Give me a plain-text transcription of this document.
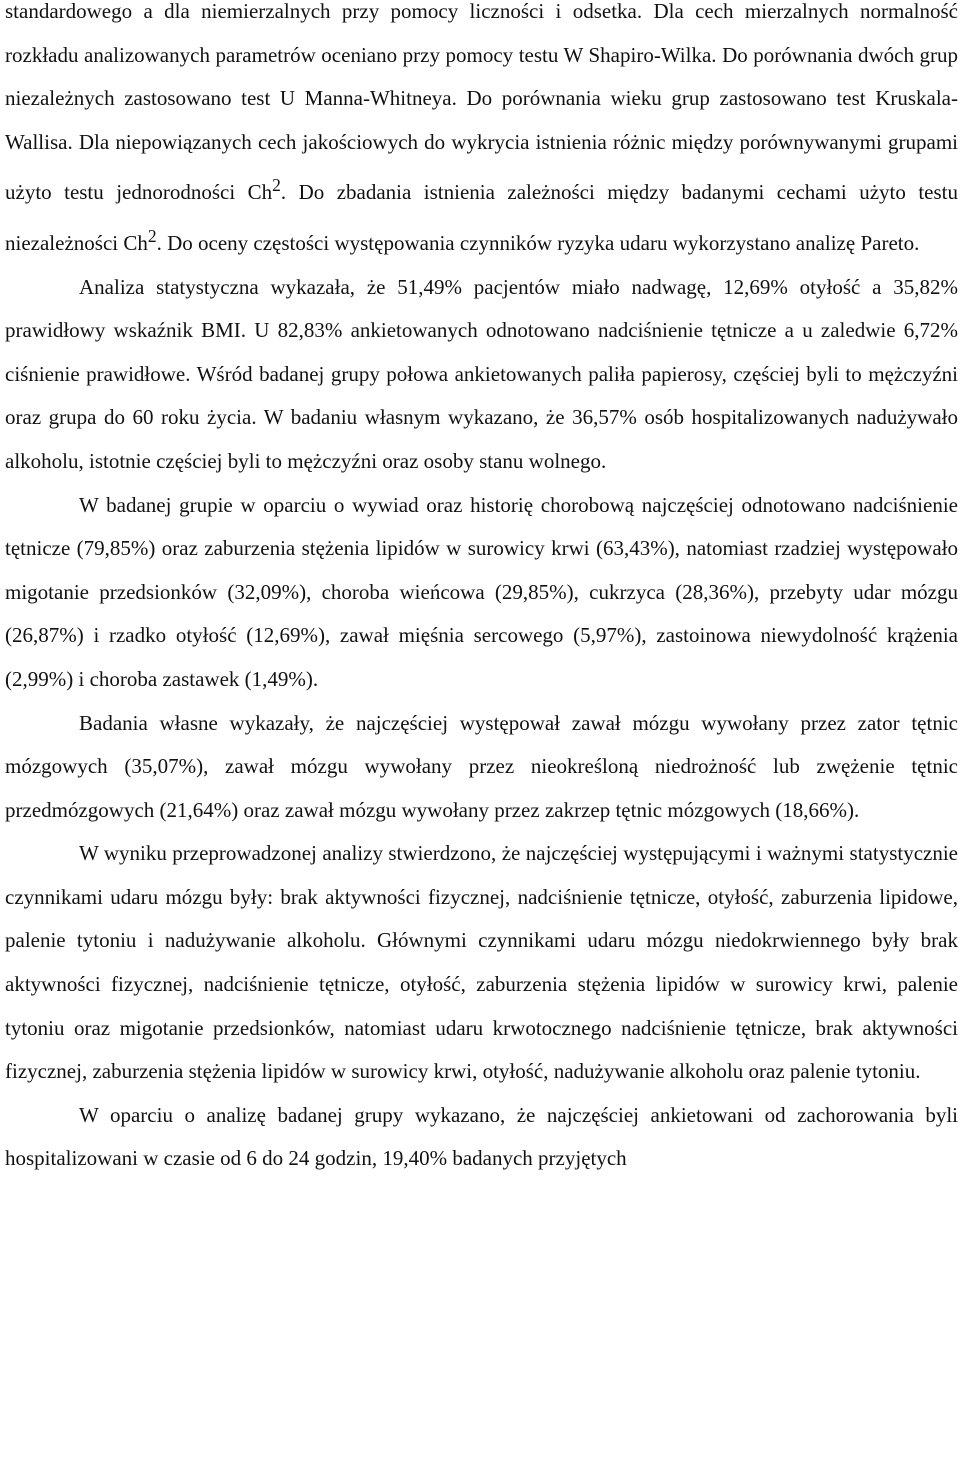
standardowego a dla niemierzalnych przy pomocy liczności i odsetka. Dla cech mierzalnych normalność rozkładu analizowanych parametrów oceniano przy pomocy testu W Shapiro-Wilka. Do porównania dwóch grup niezależnych zastosowano test U Manna-Whitneya. Do porównania wieku grup zastosowano test Kruskala-Wallisa. Dla niepowiązanych cech jakościowych do wykrycia istnienia różnic między porównywanymi grupami użyto testu jednorodności Ch$^2$. Do zbadania istnienia zależności między badanymi cechami użyto testu niezależności Ch$^2$. Do oceny częstości występowania czynników ryzyka udaru wykorzystano analizę Pareto.

Analiza statystyczna wykazała, że 51,49% pacjentów miało nadwagę, 12,69% otyłość a 35,82% prawidłowy wskaźnik BMI. U 82,83% ankietowanych odnotowano nadciśnienie tętnicze a u zaledwie 6,72% ciśnienie prawidłowe. Wśród badanej grupy połowa ankietowanych paliła papierosy, częściej byli to mężczyźni oraz grupa do 60 roku życia. W badaniu własnym wykazano, że 36,57% osób hospitalizowanych nadużywało alkoholu, istotnie częściej byli to mężczyźni oraz osoby stanu wolnego.

W badanej grupie w oparciu o wywiad oraz historię chorobową najczęściej odnotowano nadciśnienie tętnicze (79,85%) oraz zaburzenia stężenia lipidów w surowicy krwi (63,43%), natomiast rzadziej występowało migotanie przedsionków (32,09%), choroba wieńcowa (29,85%), cukrzyca (28,36%), przebyty udar mózgu (26,87%) i rzadko otyłość (12,69%), zawał mięśnia sercowego (5,97%), zastoinowa niewydolność krążenia (2,99%) i choroba zastawek (1,49%).

Badania własne wykazały, że najczęściej występował zawał mózgu wywołany przez zator tętnic mózgowych (35,07%), zawał mózgu wywołany przez nieokreśloną niedrożność lub zwężenie tętnic przedmózgowych (21,64%) oraz zawał mózgu wywołany przez zakrzep tętnic mózgowych (18,66%).

W wyniku przeprowadzonej analizy stwierdzono, że najczęściej występującymi i ważnymi statystycznie czynnikami udaru mózgu były: brak aktywności fizycznej, nadciśnienie tętnicze, otyłość, zaburzenia lipidowe, palenie tytoniu i nadużywanie alkoholu. Głównymi czynnikami udaru mózgu niedokrwiennego były brak aktywności fizycznej, nadciśnienie tętnicze, otyłość, zaburzenia stężenia lipidów w surowicy krwi, palenie tytoniu oraz migotanie przedsionków, natomiast udaru krwotocznego nadciśnienie tętnicze, brak aktywności fizycznej, zaburzenia stężenia lipidów w surowicy krwi, otyłość, nadużywanie alkoholu oraz palenie tytoniu.

W oparciu o analizę badanej grupy wykazano, że najczęściej ankietowani od zachorowania byli hospitalizowani w czasie od 6 do 24 godzin, 19,40% badanych przyjętych
